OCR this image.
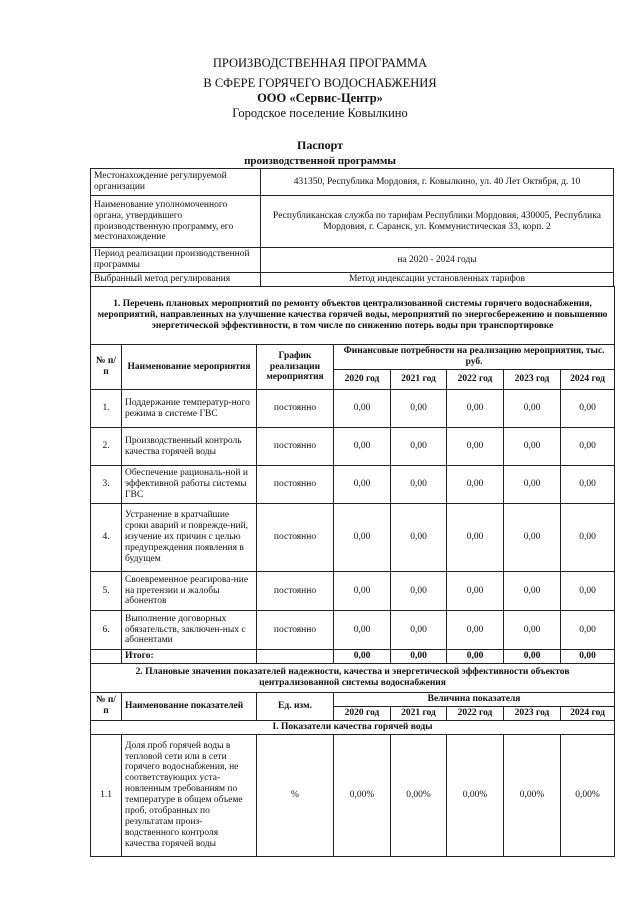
ПРОИЗВОДСТВЕННАЯ ПРОГРАММА
В СФЕРЕ ГОРЯЧЕГО ВОДОСНАБЖЕНИЯ
ООО «Сервис-Центр»
Городское поселение Ковылкино
Паспорт
производственной программы
Местонахождение регулируемой организации	431350, Республика Мордовия, г. Ковылкино, ул. 40 Лет Октября, д. 10
Наименование уполномоченного органа, утвердившего производственную программу, его местонахождение	Республиканская служба по тарифам Республики Мордовия, 430005, Республика Мордовия, г. Саранск, ул. Коммунистическая 33, корп. 2
Период реализации производственной программы	на 2020 - 2024 годы
Выбранный метод регулирования	Метод индексации установленных тарифов
1. Перечень плановых мероприятий по ремонту объектов централизованной системы горячего водоснабжения, мероприятий, направленных на улучшение качества горячей воды, мероприятий по энергосбережению и повышению энергетической эффективности, в том числе по снижению потерь воды при транспортировке							
№ п/п	Наименование мероприятия	График реализации мероприятия	Финансовые потребности на реализацию мероприятия, тыс. руб.				
			2020 год	2021 год	2022 год	2023 год	2024 год
1.	Поддержание температур-ного режима в системе ГВС	постоянно	0,00	0,00	0,00	0,00	0,00
2.	Производственный контроль качества горячей воды	постоянно	0,00	0,00	0,00	0,00	0,00
3.	Обеспечение рациональ-ной и эффективной работы системы ГВС	постоянно	0,00	0,00	0,00	0,00	0,00
4.	Устранение в кратчайшие сроки аварий и поврежде-ний, изучение их причин с целью предупреждения появления в будущем	постоянно	0,00	0,00	0,00	0,00	0,00
5.	Своевременное реагирова-ние на претензии и жалобы абонентов	постоянно	0,00	0,00	0,00	0,00	0,00
6.	Выполнение договорных обязательств, заключен-ных с абонентами	постоянно	0,00	0,00	0,00	0,00	0,00
	Итого:		0,00	0,00	0,00	0,00	0,00
2. Плановые значения показателей надежности, качества и энергетической эффективности объектов централизованной системы водоснабжения							
№ п/п	Наименование показателей	Ед. изм.	Величина показателя				
			2020 год	2021 год	2022 год	2023 год	2024 год
I. Показатели качества горячей воды							
1.1	Доля проб горячей воды в тепловой сети или в сети горячего водоснабжения, не соответствующих уста-новленным требованиям по температуре в общем объеме проб, отобранных по результатам произ-водственного контроля качества горячей воды	%	0,00%	0,00%	0,00%	0,00%	0,00%
